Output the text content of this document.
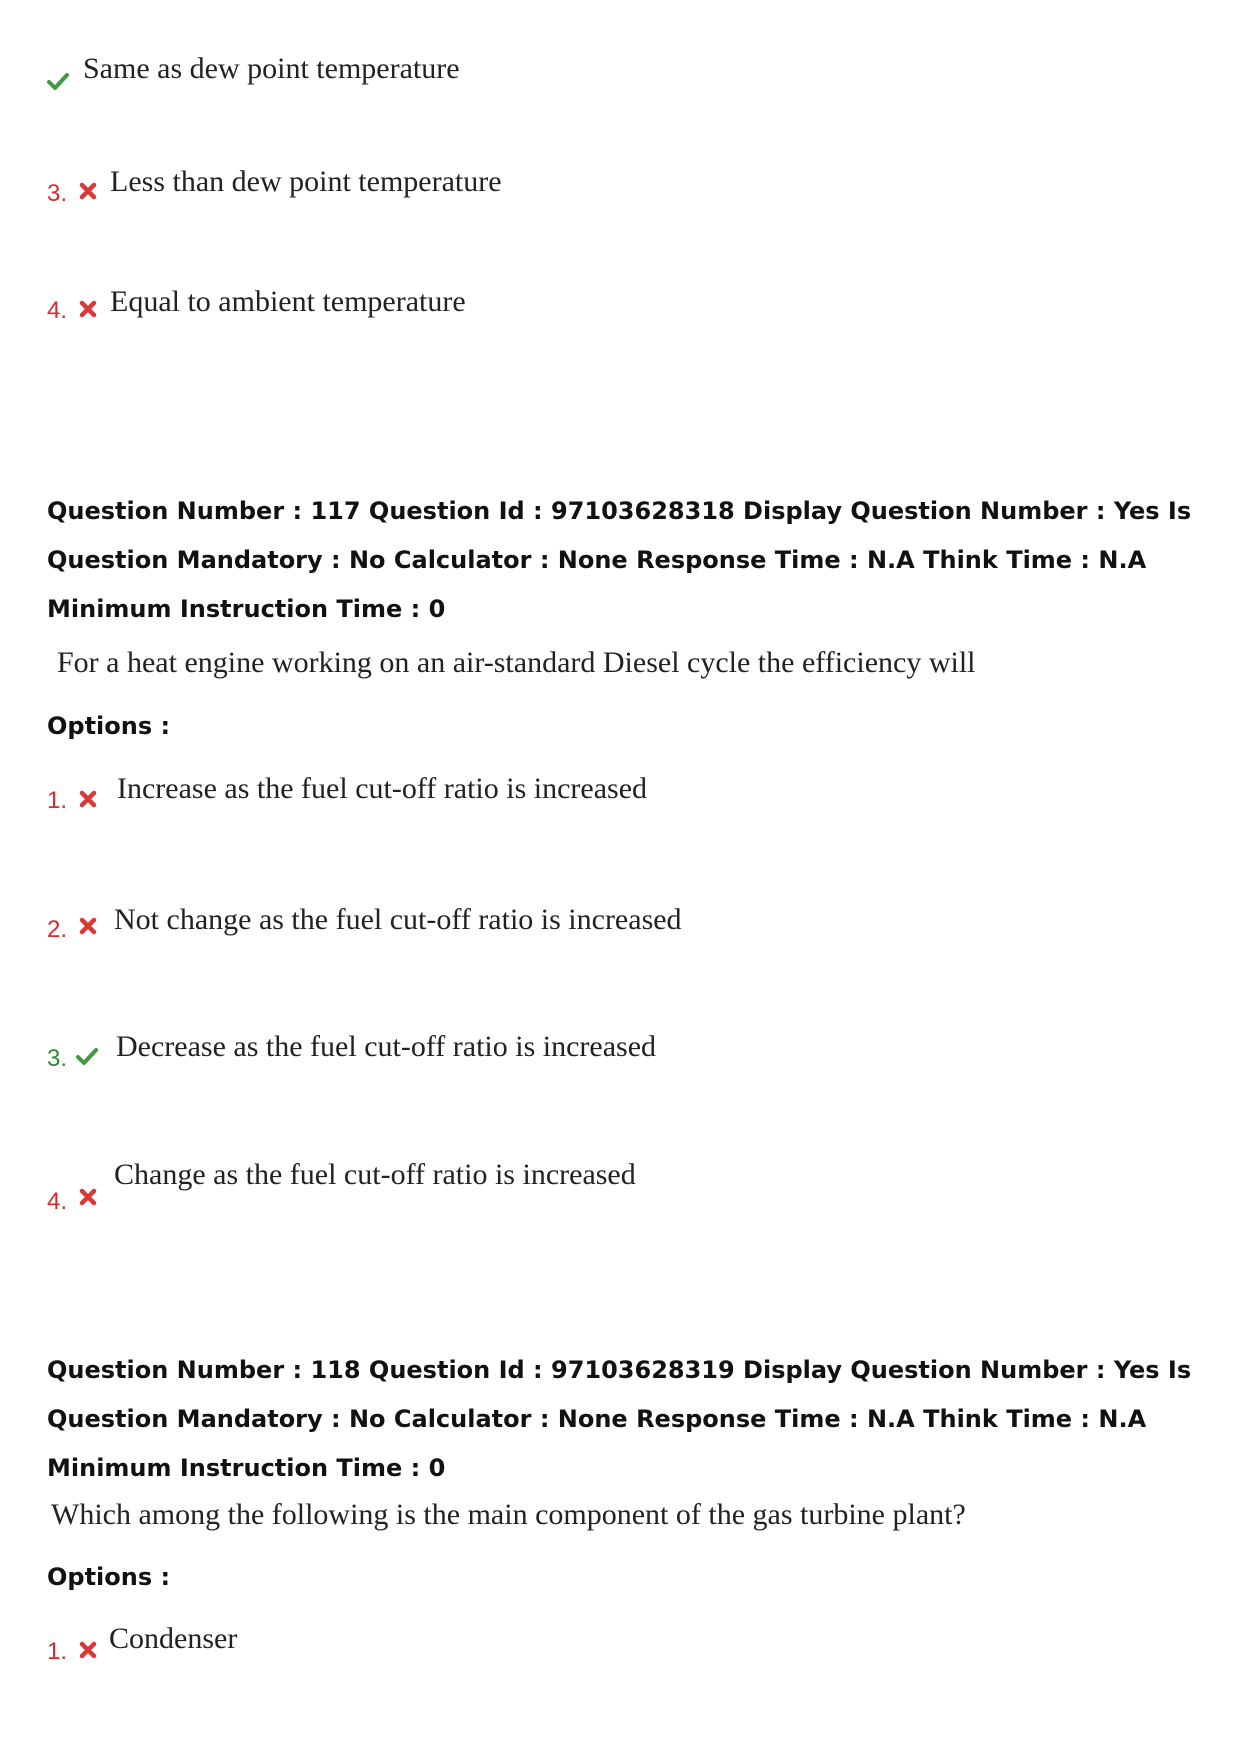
Same as dew point temperature
3. Less than dew point temperature
4. Equal to ambient temperature
Question Number : 117 Question Id : 97103628318 Display Question Number : Yes Is Question Mandatory : No Calculator : None Response Time : N.A Think Time : N.A Minimum Instruction Time : 0
For a heat engine working on an air-standard Diesel cycle the efficiency will
Options :
1. Increase as the fuel cut-off ratio is increased
2. Not change as the fuel cut-off ratio is increased
3. Decrease as the fuel cut-off ratio is increased
4.
Change as the fuel cut-off ratio is increased
Question Number : 118 Question Id : 97103628319 Display Question Number : Yes Is Question Mandatory : No Calculator : None Response Time : N.A Think Time : N.A Minimum Instruction Time : 0
Which among the following is the main component of the gas turbine plant?
Options :
1. Condenser
